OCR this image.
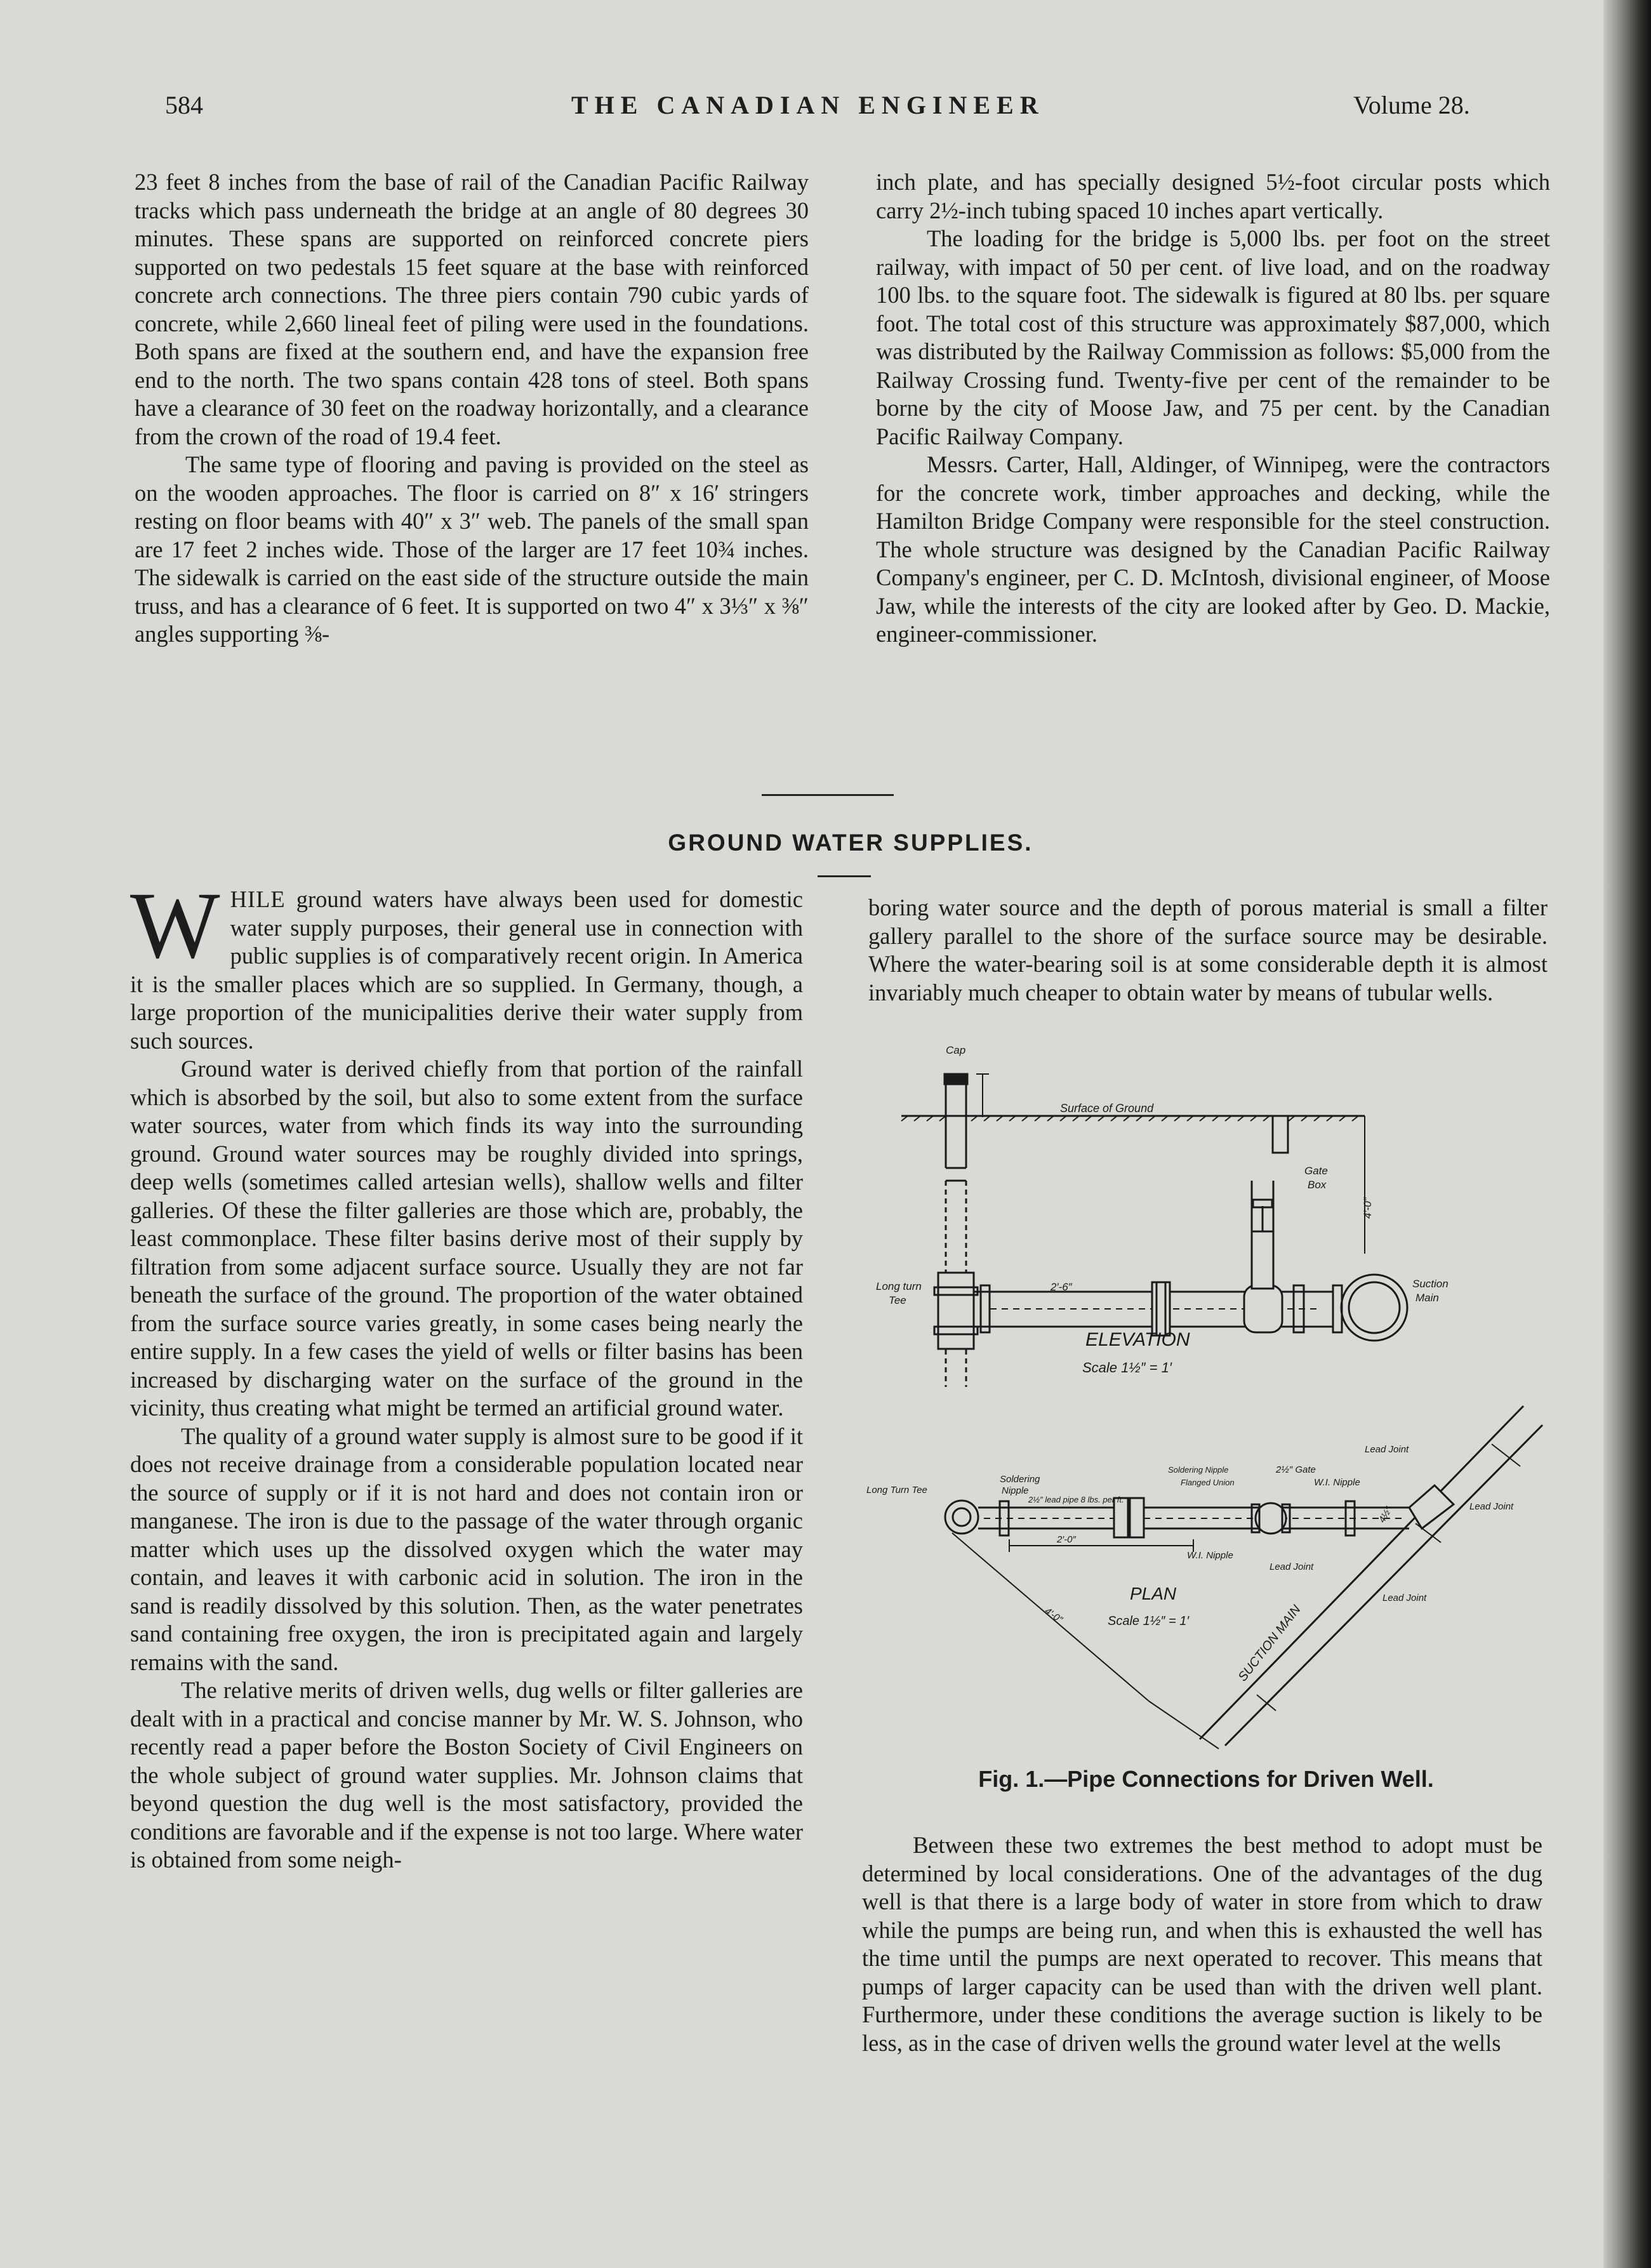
584	THE CANADIAN ENGINEER	Volume 28.

23 feet 8 inches from the base of rail of the Canadian Pacific Railway tracks which pass underneath the bridge at an angle of 80 degrees 30 minutes. These spans are supported on reinforced concrete piers supported on two pedestals 15 feet square at the base with reinforced concrete arch connections. The three piers contain 790 cubic yards of concrete, while 2,660 lineal feet of piling were used in the foundations. Both spans are fixed at the southern end, and have the expansion free end to the north. The two spans contain 428 tons of steel. Both spans have a clearance of 30 feet on the roadway horizontally, and a clearance from the crown of the road of 19.4 feet.

The same type of flooring and paving is provided on the steel as on the wooden approaches. The floor is carried on 8″ x 16′ stringers resting on floor beams with 40″ x 3″ web. The panels of the small span are 17 feet 2 inches wide. Those of the larger are 17 feet 10¾ inches. The sidewalk is carried on the east side of the structure outside the main truss, and has a clearance of 6 feet. It is supported on two 4″ x 3⅓″ x ⅜″ angles supporting ⅜-

inch plate, and has specially designed 5½-foot circular posts which carry 2½-inch tubing spaced 10 inches apart vertically.

The loading for the bridge is 5,000 lbs. per foot on the street railway, with impact of 50 per cent. of live load, and on the roadway 100 lbs. to the square foot. The sidewalk is figured at 80 lbs. per square foot. The total cost of this structure was approximately $87,000, which was distributed by the Railway Commission as follows: $5,000 from the Railway Crossing fund. Twenty-five per cent of the remainder to be borne by the city of Moose Jaw, and 75 per cent. by the Canadian Pacific Railway Company.

Messrs. Carter, Hall, Aldinger, of Winnipeg, were the contractors for the concrete work, timber approaches and decking, while the Hamilton Bridge Company were responsible for the steel construction. The whole structure was designed by the Canadian Pacific Railway Company's engineer, per C. D. McIntosh, divisional engineer, of Moose Jaw, while the interests of the city are looked after by Geo. D. Mackie, engineer-commissioner.

GROUND WATER SUPPLIES.

WHILE ground waters have always been used for domestic water supply purposes, their general use in connection with public supplies is of comparatively recent origin. In America it is the smaller places which are so supplied. In Germany, though, a large proportion of the municipalities derive their water supply from such sources.

Ground water is derived chiefly from that portion of the rainfall which is absorbed by the soil, but also to some extent from the surface water sources, water from which finds its way into the surrounding ground. Ground water sources may be roughly divided into springs, deep wells (sometimes called artesian wells), shallow wells and filter galleries. Of these the filter galleries are those which are, probably, the least commonplace. These filter basins derive most of their supply by filtration from some adjacent surface source. Usually they are not far beneath the surface of the ground. The proportion of the water obtained from the surface source varies greatly, in some cases being nearly the entire supply. In a few cases the yield of wells or filter basins has been increased by discharging water on the surface of the ground in the vicinity, thus creating what might be termed an artificial ground water.

The quality of a ground water supply is almost sure to be good if it does not receive drainage from a considerable population located near the source of supply or if it is not hard and does not contain iron or manganese. The iron is due to the passage of the water through organic matter which uses up the dissolved oxygen which the water may contain, and leaves it with carbonic acid in solution. The iron in the sand is readily dissolved by this solution. Then, as the water penetrates sand containing free oxygen, the iron is precipitated again and largely remains with the sand.

The relative merits of driven wells, dug wells or filter galleries are dealt with in a practical and concise manner by Mr. W. S. Johnson, who recently read a paper before the Boston Society of Civil Engineers on the whole subject of ground water supplies. Mr. Johnson claims that beyond question the dug well is the most satisfactory, provided the conditions are favorable and if the expense is not too large. Where water is obtained from some neigh-

boring water source and the depth of porous material is small a filter gallery parallel to the shore of the surface source may be desirable. Where the water-bearing soil is at some considerable depth it is almost invariably much cheaper to obtain water by means of tubular wells.

Cap
Surface of Ground
Gate
Box
4′-0″
Long turn	Suction
Main
2′-6″
ELEVATION
Scale 1½″ = 1′
Tee
Long Turn Tee
Soldering
Nipple
2½″ lead pipe 8 lbs. per ft.
Soldering Nipple
Flanged Union
2½″ Gate
W.I. Nipple
Lead Joint
Lead Joint
2′-0″
W.I. Nipple
Lead Joint
Lead Joint
4′-0″
4½″
SUCTION MAIN
PLAN
Scale 1½″ = 1′
Fig. 1.—Pipe Connections for Driven Well.

Between these two extremes the best method to adopt must be determined by local considerations. One of the advantages of the dug well is that there is a large body of water in store from which to draw while the pumps are being run, and when this is exhausted the well has the time until the pumps are next operated to recover. This means that pumps of larger capacity can be used than with the driven well plant. Furthermore, under these conditions the average suction is likely to be less, as in the case of driven wells the ground water level at the wells
